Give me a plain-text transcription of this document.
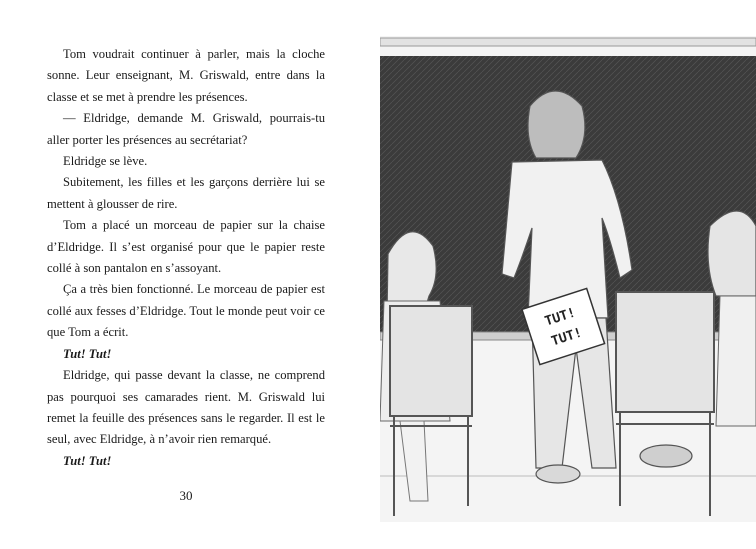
Tom voudrait continuer à parler, mais la cloche sonne. Leur enseignant, M. Griswald, entre dans la classe et se met à prendre les présences.

— Eldridge, demande M. Griswald, pourrais-tu aller porter les présences au secrétariat?

Eldridge se lève.

Subitement, les filles et les garçons derrière lui se mettent à glousser de rire.

Tom a placé un morceau de papier sur la chaise d’Eldridge. Il s’est organisé pour que le papier reste collé à son pantalon en s’assoyant.

Ça a très bien fonctionné. Le morceau de papier est collé aux fesses d’Eldridge. Tout le monde peut voir ce que Tom a écrit.

Tut! Tut!

Eldridge, qui passe devant la classe, ne comprend pas pourquoi ses camarades rient. M. Griswald lui remet la feuille des présences sans le regarder. Il est le seul, avec Eldridge, à n’avoir rien remarqué.

Tut! Tut!

30
TUT!
TUT!
